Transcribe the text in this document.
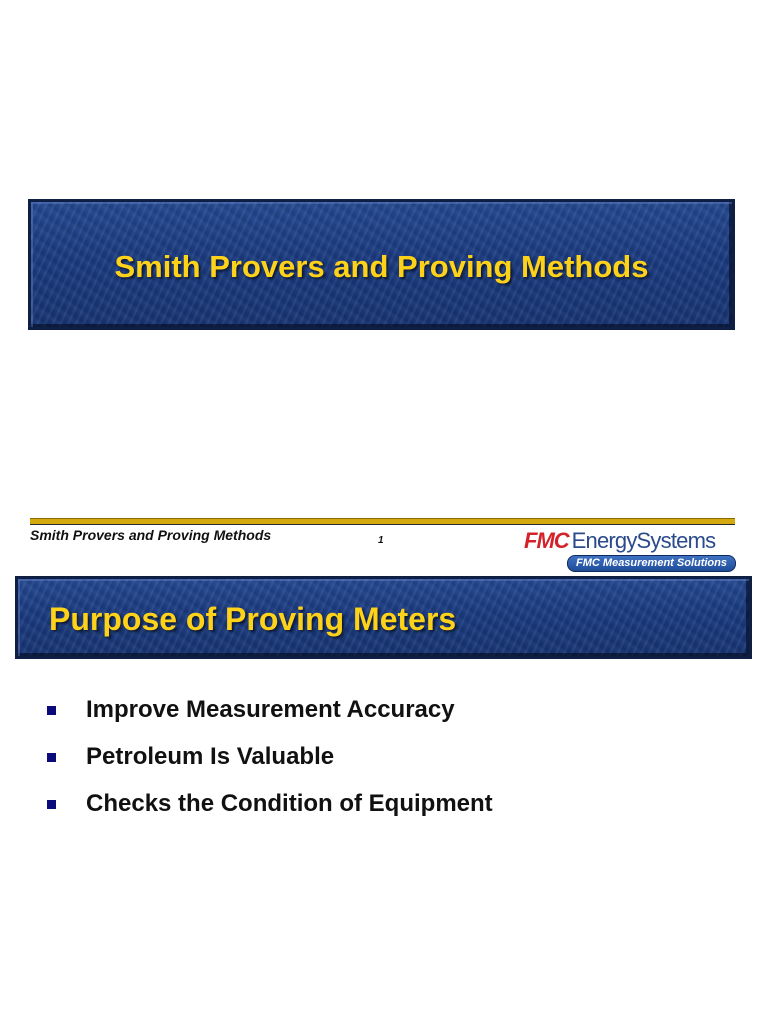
Smith Provers and Proving Methods
Smith Provers and Proving Methods	1	FMC EnergySystems
FMC Measurement Solutions
Purpose of Proving Meters
Improve Measurement Accuracy
Petroleum Is Valuable
Checks the Condition of Equipment
